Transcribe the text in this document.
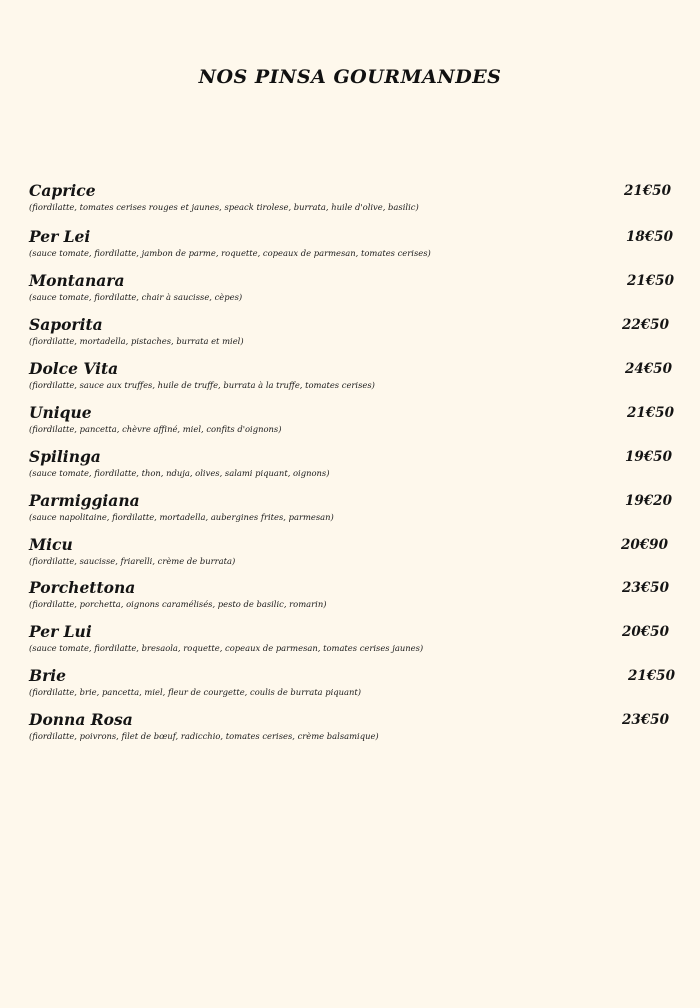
NOS PINSA GOURMANDES
Caprice	21€50
(fiordilatte, tomates cerises rouges et jaunes, speack tirolese, burrata, huile d'olive, basilic)
Per Lei	18€50
(sauce tomate, fiordilatte, jambon de parme, roquette, copeaux de parmesan, tomates cerises)
Montanara	21€50
(sauce tomate, fiordilatte, chair à saucisse, cèpes)
Saporita	22€50
(fiordilatte, mortadella, pistaches, burrata et miel)
Dolce Vita	24€50
(fiordilatte, sauce aux truffes, huile de truffe, burrata à la truffe, tomates cerises)
Unique	21€50
(fiordilatte, pancetta, chèvre affiné, miel, confits d'oignons)
Spilinga	19€50
(sauce tomate, fiordilatte, thon, nduja, olives, salami piquant, oignons)
Parmiggiana	19€20
(sauce napolitaine, fiordilatte, mortadella, aubergines frites, parmesan)
Micu	20€90
(fiordilatte, saucisse, friarelli, crème de burrata)
Porchettona	23€50
(fiordilatte, porchetta, oignons caramélisés, pesto de basilic, romarin)
Per Lui	20€50
(sauce tomate, fiordilatte, bresaola, roquette, copeaux de parmesan, tomates cerises jaunes)
Brie	21€50
(fiordilatte, brie, pancetta, miel, fleur de courgette, coulis de burrata piquant)
Donna Rosa	23€50
(fiordilatte, poivrons, filet de bœuf, radicchio, tomates cerises, crème balsamique)
